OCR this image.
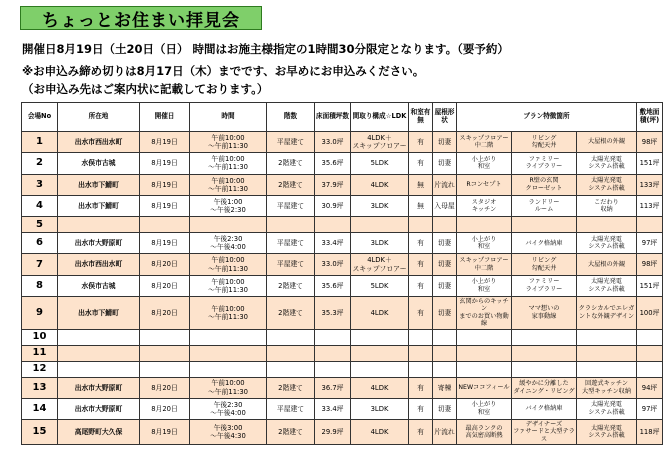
ちょっとお住まい拝見会
開催日8月19日（土20日（日） 時間はお施主様指定の1時間30分限定となります。（要予約）
※お申込み締め切りは8月17日（木）までです、お早めにお申込みください。
（お申込み先はご案内状に記載しております。）
会場No	所在地	開催日	時間	階数	床面積坪数	間取り構成☆LDK	和室有無	屋根形状	プラン特徴箇所			敷地面積(坪)
1	出水市西出水町	8月19日	午前10:00
～午前11:30	平屋建て	33.0坪	4LDK＋
スキップフロアー	有	切妻	スキップフロアー
中二階	リビング
勾配天井	大屋根の外観	98坪
2	水俣市古城	8月19日	午前10:00
～午前11:30	2階建て	35.6坪	5LDK	有	切妻	小上がり
和室	ファミリー
ライブラリー	太陽光発電
システム搭載	151坪
3	出水市下鯖町	8月19日	午前10:00
～午前11:30	2階建て	37.9坪	4LDK	無	片流れ	Rコンセプト	R壁の玄関
クローゼット	太陽光発電
システム搭載	133坪
4	出水市下鯖町	8月19日	午後1:00
～午後2:30	平屋建て	30.9坪	3LDK	無	入母屋	スタジオ
キッチン	ランドリー
ルーム	こだわり
収納	113坪
5			

6	出水市大野原町	8月19日	午後2:30
～午後4:00	平屋建て	33.4坪	3LDK	有	切妻	小上がり
和室	バイク格納庫	太陽光発電
システム搭載	97坪
7	出水市西出水町	8月20日	午前10:00
～午前11:30	平屋建て	33.0坪	4LDK＋
スキップフロアー	有	切妻	スキップフロアー
中二階	リビング
勾配天井	大屋根の外観	98坪
8	水俣市古城	8月20日	午前10:00
～午前11:30	2階建て	35.6坪	5LDK	有	切妻	小上がり
和室	ファミリー
ライブラリー	太陽光発電
システム搭載	151坪
9	出水市下鯖町	8月20日	午前10:00
～午前11:30	2階建て	35.3坪	4LDK	有	切妻	玄関からのキッチン
までのお買い物動線	ママ想いの
家事動線	クラシカルでエレガ
ントな外観デザイン	100坪
10			

11			

12			

13	出水市大野原町	8月20日	午前10:00
～午前11:30	2階建て	36.7坪	4LDK	有	寄棟	NEWココフィール	緩やかに分離した
ダイニング・リビング	回遊式キッチン
大型キッチン収納	94坪
14	出水市大野原町	8月20日	午後2:30
～午後4:00	平屋建て	33.4坪	3LDK	有	切妻	小上がり
和室	バイク格納庫	太陽光発電
システム搭載	97坪
15	高尾野町大久保	8月19日	午後3:00
～午後4:30	2階建て	29.9坪	4LDK	有	片流れ	最高ランクの
高気密高断熱	デザイナーズ
ファサードと大型テラス	太陽光発電
システム搭載	118坪
